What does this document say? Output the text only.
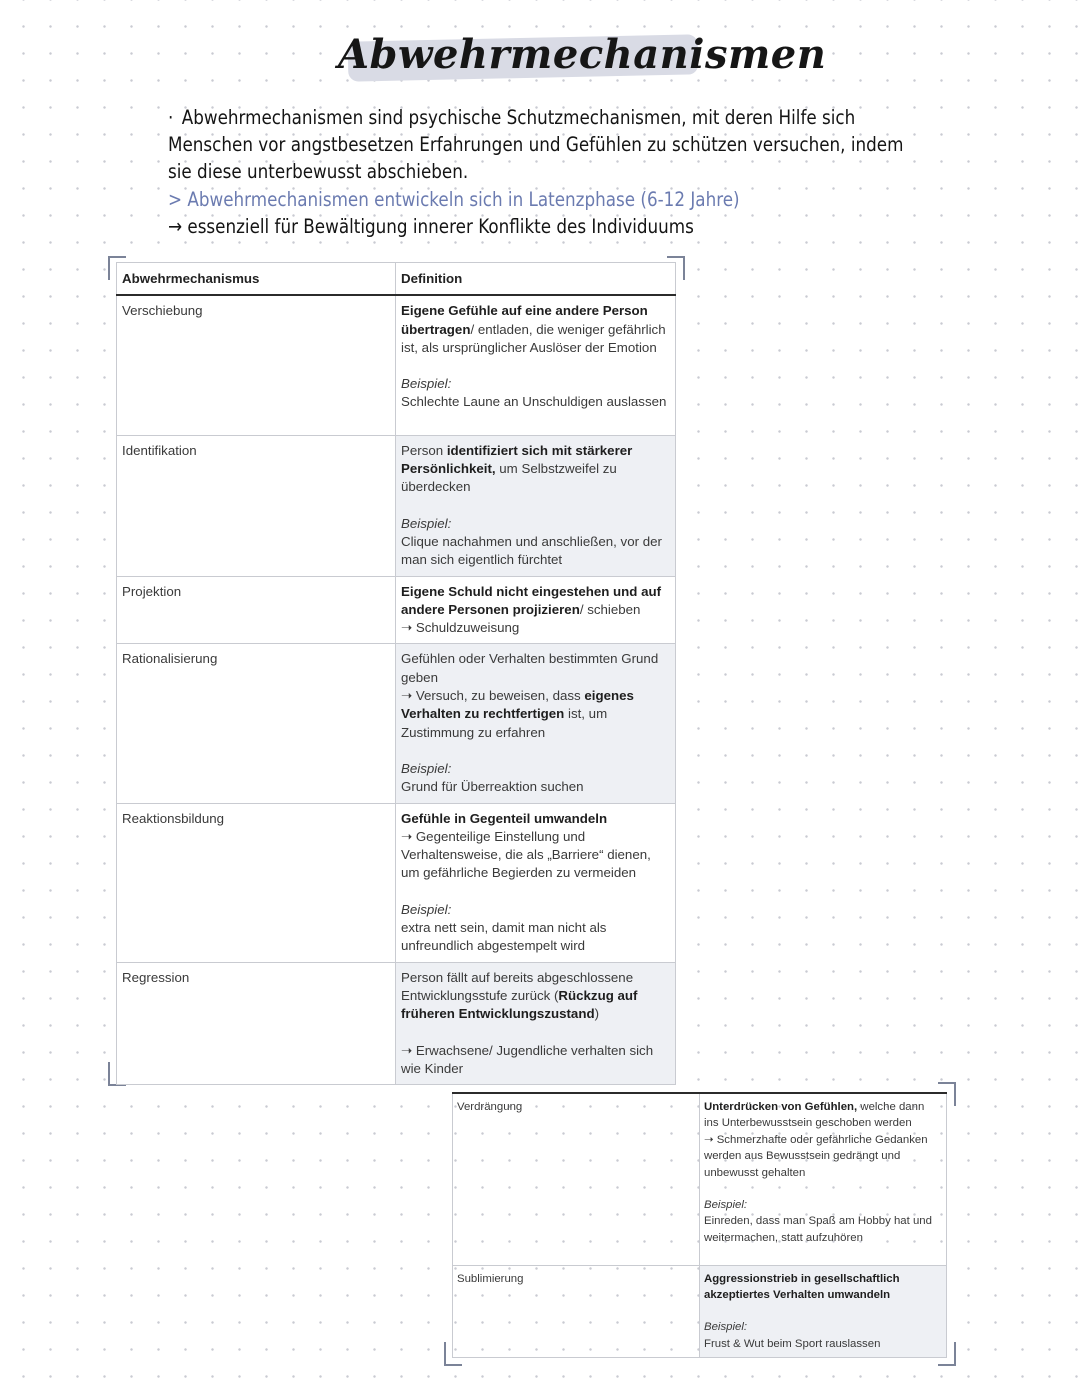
Abwehrmechanismen

· Abwehrmechanismen sind psychische Schutzmechanismen, mit deren Hilfe sich Menschen vor angstbesetzen Erfahrungen und Gefühlen zu schützen versuchen, indem sie diese unterbewusst abschieben.

> Abwehrmechanismen entwickeln sich in Latenzphase (6-12 Jahre)

→ essenziell für Bewältigung innerer Konflikte des Individuums

Abwehrmechanismus	Definition
Verschiebung	Eigene Gefühle auf eine andere Person übertragen/ entladen, die weniger gefährlich ist, als ursprünglicher Auslöser der Emotion
Beispiel:
Schlechte Laune an Unschuldigen auslassen
Identifikation	Person identifiziert sich mit stärkerer Persönlichkeit, um Selbstzweifel zu überdecken
Beispiel:
Clique nachahmen und anschließen, vor der man sich eigentlich fürchtet
Projektion	Eigene Schuld nicht eingestehen und auf andere Personen projizieren/ schieben
➝ Schuldzuweisung
Rationalisierung	Gefühlen oder Verhalten bestimmten Grund geben
➝ Versuch, zu beweisen, dass eigenes Verhalten zu rechtfertigen ist, um Zustimmung zu erfahren
Beispiel:
Grund für Überreaktion suchen
Reaktionsbildung	Gefühle in Gegenteil umwandeln
➝ Gegenteilige Einstellung und Verhaltensweise, die als „Barriere“ dienen, um gefährliche Begierden zu vermeiden
Beispiel:
extra nett sein, damit man nicht als unfreundlich abgestempelt wird
Regression	Person fällt auf bereits abgeschlossene Entwicklungsstufe zurück (Rückzug auf früheren Entwicklungszustand)
➝ Erwachsene/ Jugendliche verhalten sich wie Kinder
Verdrängung	Unterdrücken von Gefühlen, welche dann ins Unterbewusstsein geschoben werden
➝ Schmerzhafte oder gefährliche Gedanken werden aus Bewusstsein gedrängt und unbewusst gehalten
Beispiel:
Einreden, dass man Spaß am Hobby hat und weitermachen, statt aufzuhören
Sublimierung	Aggressionstrieb in gesellschaftlich akzeptiertes Verhalten umwandeln
Beispiel:
Frust & Wut beim Sport rauslassen
